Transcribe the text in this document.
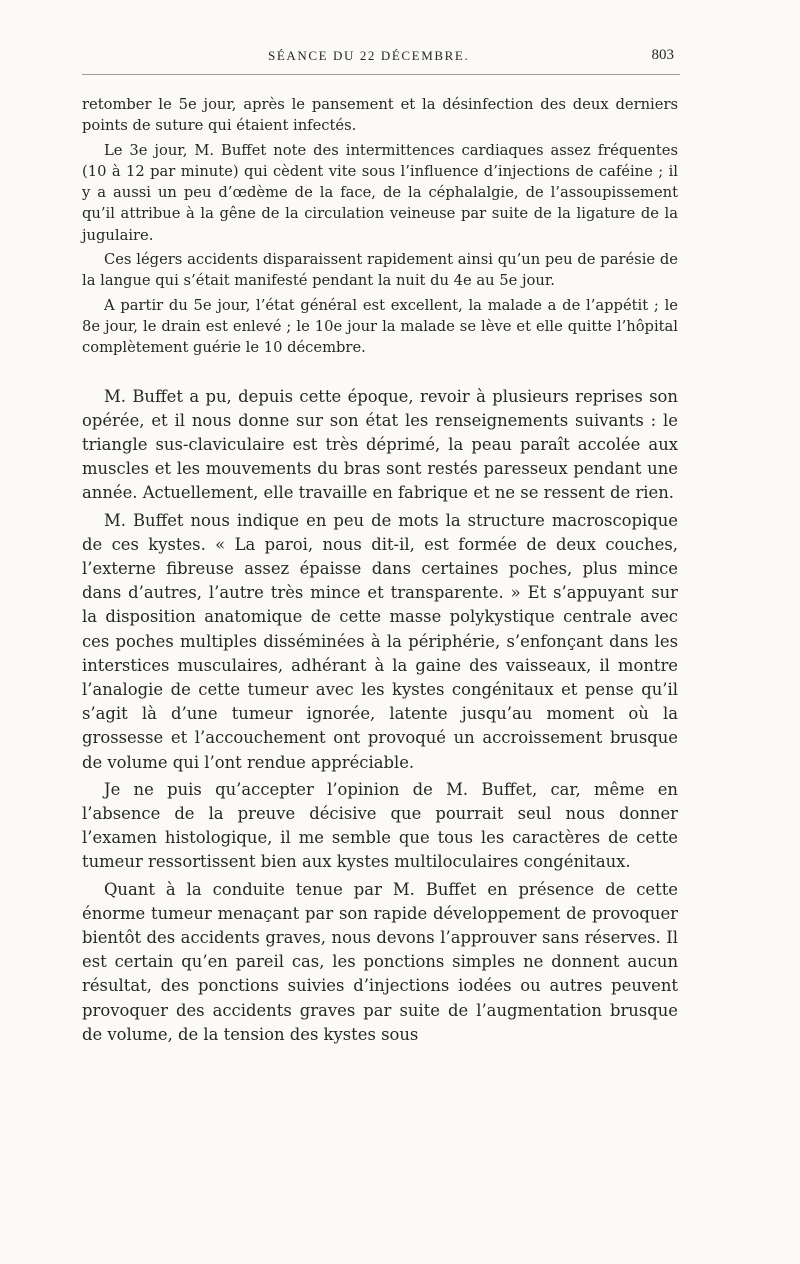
SÉANCE DU 22 DÉCEMBRE.	803

retomber le 5e jour, après le pansement et la désinfection des deux derniers points de suture qui étaient infectés.

Le 3e jour, M. Buffet note des intermittences cardiaques assez fréquentes (10 à 12 par minute) qui cèdent vite sous l’influence d’injections de caféine ; il y a aussi un peu d’œdème de la face, de la céphalalgie, de l’assoupissement qu’il attribue à la gêne de la circulation veineuse par suite de la ligature de la jugulaire.

Ces légers accidents disparaissent rapidement ainsi qu’un peu de parésie de la langue qui s’était manifesté pendant la nuit du 4e au 5e jour.

A partir du 5e jour, l’état général est excellent, la malade a de l’appétit ; le 8e jour, le drain est enlevé ; le 10e jour la malade se lève et elle quitte l’hôpital complètement guérie le 10 décembre.

M. Buffet a pu, depuis cette époque, revoir à plusieurs reprises son opérée, et il nous donne sur son état les renseignements suivants : le triangle sus-claviculaire est très déprimé, la peau paraît accolée aux muscles et les mouvements du bras sont restés paresseux pendant une année. Actuellement, elle travaille en fabrique et ne se ressent de rien.

M. Buffet nous indique en peu de mots la structure macroscopique de ces kystes. « La paroi, nous dit-il, est formée de deux couches, l’externe fibreuse assez épaisse dans certaines poches, plus mince dans d’autres, l’autre très mince et transparente. » Et s’appuyant sur la disposition anatomique de cette masse polykystique centrale avec ces poches multiples disséminées à la périphérie, s’enfonçant dans les interstices musculaires, adhérant à la gaine des vaisseaux, il montre l’analogie de cette tumeur avec les kystes congénitaux et pense qu’il s’agit là d’une tumeur ignorée, latente jusqu’au moment où la grossesse et l’accouchement ont provoqué un accroissement brusque de volume qui l’ont rendue appréciable.

Je ne puis qu’accepter l’opinion de M. Buffet, car, même en l’absence de la preuve décisive que pourrait seul nous donner l’examen histologique, il me semble que tous les caractères de cette tumeur ressortissent bien aux kystes multiloculaires congénitaux.

Quant à la conduite tenue par M. Buffet en présence de cette énorme tumeur menaçant par son rapide développement de provoquer bientôt des accidents graves, nous devons l’approuver sans réserves. Il est certain qu’en pareil cas, les ponctions simples ne donnent aucun résultat, des ponctions suivies d’injections iodées ou autres peuvent provoquer des accidents graves par suite de l’augmentation brusque de volume, de la tension des kystes sous
